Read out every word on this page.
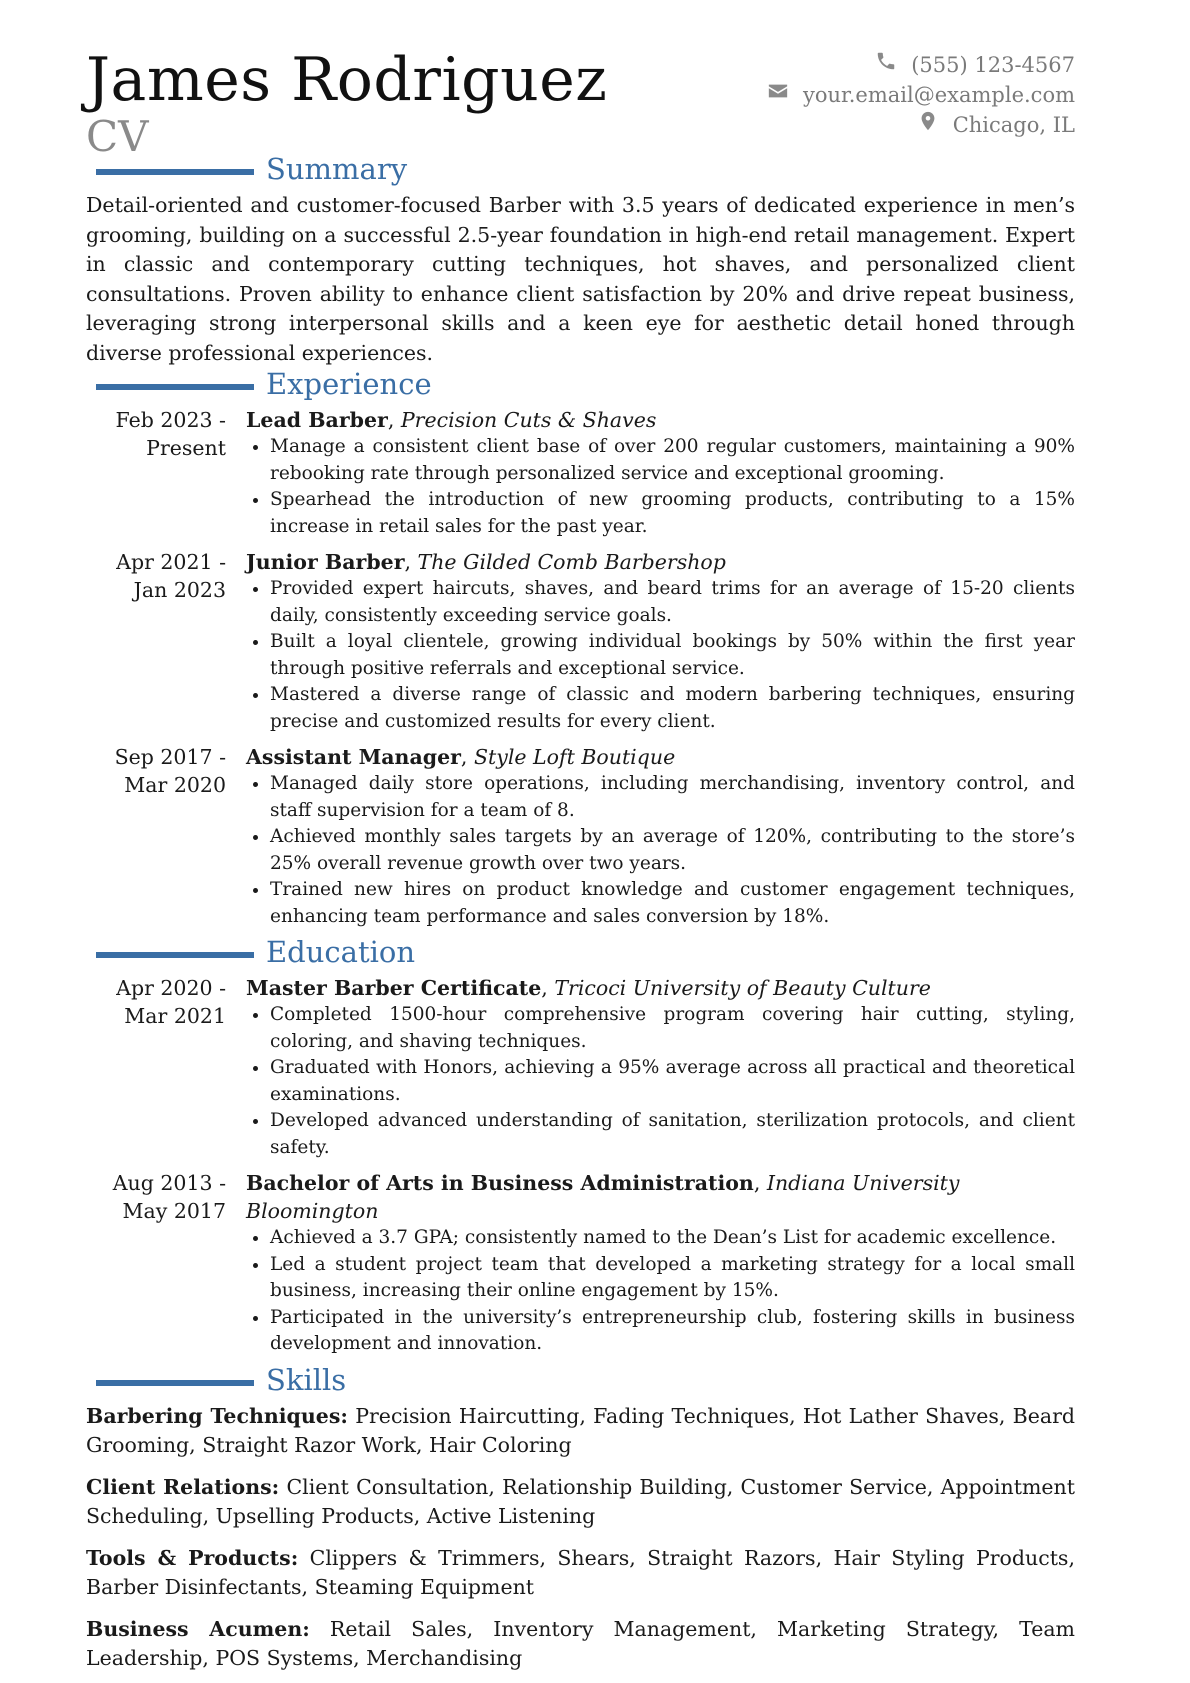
James Rodriguez
CV
(555) 123-4567
your.email@example.com
Chicago, IL
Summary

Detail-oriented and customer-focused Barber with 3.5 years of dedicated experience in men’s grooming, building on a successful 2.5-year foundation in high-end retail management. Expert in classic and contemporary cutting techniques, hot shaves, and personalized client consultations. Proven ability to enhance client satisfaction by 20% and drive repeat business, leveraging strong interpersonal skills and a keen eye for aesthetic detail honed through diverse professional experiences.

Experience
Feb 2023 - Present
Lead Barber, Precision Cuts & Shaves
• Manage a consistent client base of over 200 regular customers, maintaining a 90% rebooking rate through personalized service and exceptional grooming.
• Spearhead the introduction of new grooming products, contributing to a 15% increase in retail sales for the past year.
Apr 2021 - Jan 2023
Junior Barber, The Gilded Comb Barbershop
• Provided expert haircuts, shaves, and beard trims for an average of 15-20 clients daily, consistently exceeding service goals.
• Built a loyal clientele, growing individual bookings by 50% within the first year through positive referrals and exceptional service.
• Mastered a diverse range of classic and modern barbering techniques, ensuring precise and customized results for every client.
Sep 2017 - Mar 2020
Assistant Manager, Style Loft Boutique
• Managed daily store operations, including merchandising, inventory control, and staff supervision for a team of 8.
• Achieved monthly sales targets by an average of 120%, contributing to the store’s 25% overall revenue growth over two years.
• Trained new hires on product knowledge and customer engagement techniques, enhancing team performance and sales conversion by 18%.
Education
Apr 2020 - Mar 2021
Master Barber Certificate, Tricoci University of Beauty Culture
• Completed 1500-hour comprehensive program covering hair cutting, styling, coloring, and shaving techniques.
• Graduated with Honors, achieving a 95% average across all practical and theoretical examinations.
• Developed advanced understanding of sanitation, sterilization protocols, and client safety.
Aug 2013 - May 2017
Bachelor of Arts in Business Administration, Indiana University Bloomington
• Achieved a 3.7 GPA; consistently named to the Dean’s List for academic excellence.
• Led a student project team that developed a marketing strategy for a local small business, increasing their online engagement by 15%.
• Participated in the university’s entrepreneurship club, fostering skills in business development and innovation.
Skills
Barbering Techniques: Precision Haircutting, Fading Techniques, Hot Lather Shaves, Beard Grooming, Straight Razor Work, Hair Coloring
Client Relations: Client Consultation, Relationship Building, Customer Service, Appointment Scheduling, Upselling Products, Active Listening
Tools & Products: Clippers & Trimmers, Shears, Straight Razors, Hair Styling Products, Barber Disinfectants, Steaming Equipment
Business Acumen: Retail Sales, Inventory Management, Marketing Strategy, Team Leadership, POS Systems, Merchandising
